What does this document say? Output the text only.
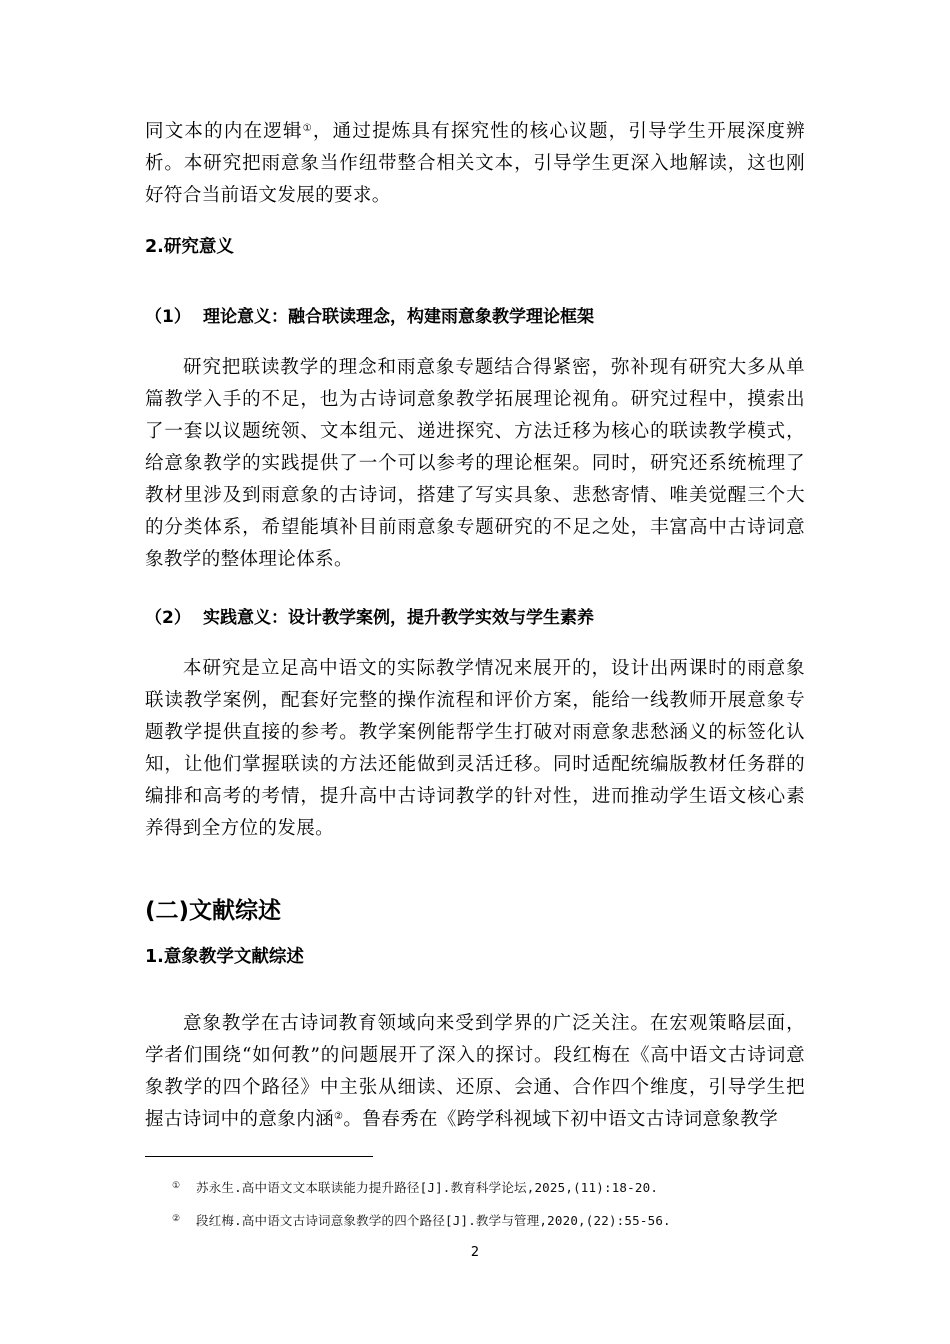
同文本的内在逻辑①，通过提炼具有探究性的核心议题，引导学生开展深度辨析。本研究把雨意象当作纽带整合相关文本，引导学生更深入地解读，这也刚好符合当前语文发展的要求。

2.研究意义
（1） 理论意义：融合联读理念，构建雨意象教学理论框架

研究把联读教学的理念和雨意象专题结合得紧密，弥补现有研究大多从单篇教学入手的不足，也为古诗词意象教学拓展理论视角。研究过程中，摸索出了一套以议题统领、文本组元、递进探究、方法迁移为核心的联读教学模式，给意象教学的实践提供了一个可以参考的理论框架。同时，研究还系统梳理了教材里涉及到雨意象的古诗词，搭建了写实具象、悲愁寄情、唯美觉醒三个大的分类体系，希望能填补目前雨意象专题研究的不足之处，丰富高中古诗词意象教学的整体理论体系。

（2） 实践意义：设计教学案例，提升教学实效与学生素养

本研究是立足高中语文的实际教学情况来展开的，设计出两课时的雨意象联读教学案例，配套好完整的操作流程和评价方案，能给一线教师开展意象专题教学提供直接的参考。教学案例能帮学生打破对雨意象悲愁涵义的标签化认知，让他们掌握联读的方法还能做到灵活迁移。同时适配统编版教材任务群的编排和高考的考情，提升高中古诗词教学的针对性，进而推动学生语文核心素养得到全方位的发展。

(二)文献综述
1.意象教学文献综述

意象教学在古诗词教育领域向来受到学界的广泛关注。在宏观策略层面，学者们围绕“如何教”的问题展开了深入的探讨。段红梅在《高中语文古诗词意象教学的四个路径》中主张从细读、还原、会通、合作四个维度，引导学生把握古诗词中的意象内涵②。鲁春秀在《跨学科视域下初中语文古诗词意象教学

① 苏永生.高中语文文本联读能力提升路径[J].教育科学论坛,2025,(11):18-20.
② 段红梅.高中语文古诗词意象教学的四个路径[J].教学与管理,2020,(22):55-56.
2
